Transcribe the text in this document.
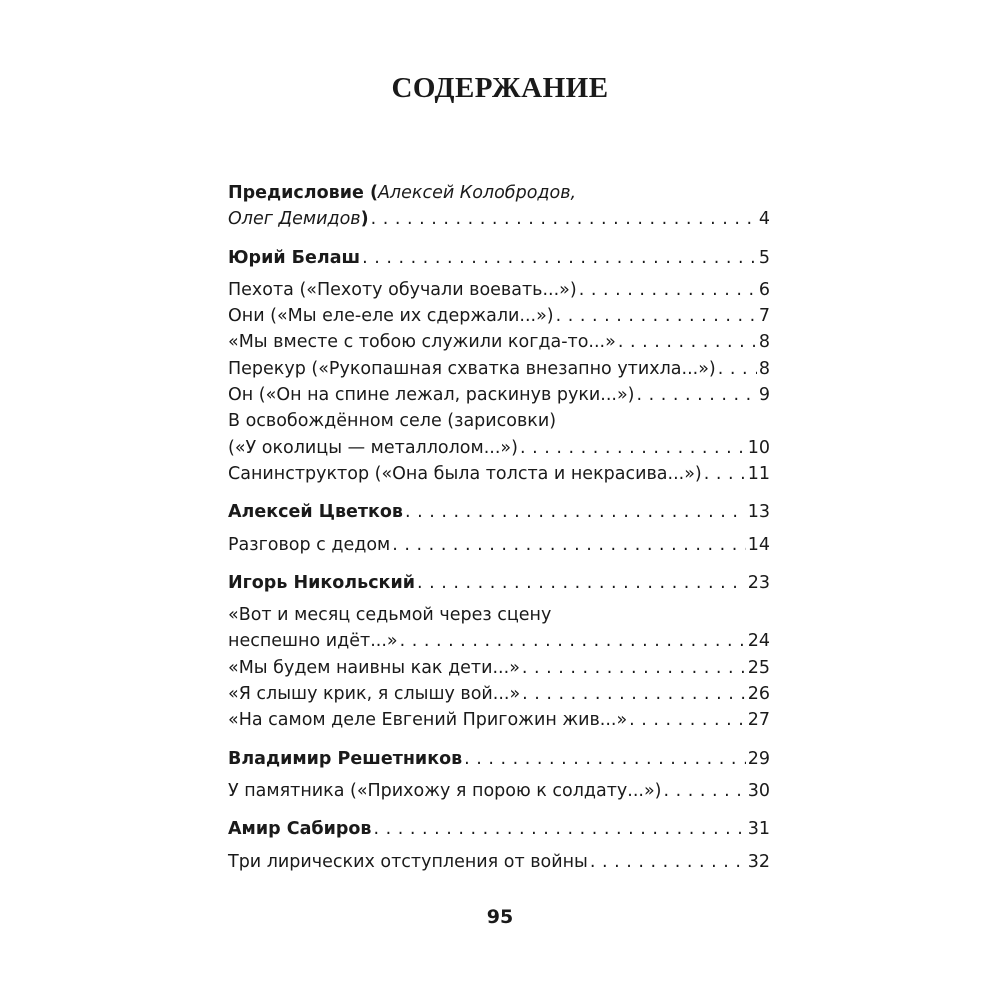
СОДЕРЖАНИЕ
Предисловие (Алексей Колобродов,
Олег Демидов) . . .	4
Юрий Белаш . . .	5
Пехота («Пехоту обучали воевать...») . . .	6
Они («Мы еле-еле их сдержали...») . . .	7
«Мы вместе с тобою служили когда-то...» . . .	8
Перекур («Рукопашная схватка внезапно утихла...») . . . 8
Он («Он на спине лежал, раскинув руки...») . . .	9
В освобождённом селе (зарисовки)
(«У околицы — металлолом...») . . .	10
Санинструктор («Она была толста и некрасива...») . . .	11
Алексей Цветков . . .	13
Разговор с дедом . . .	14
Игорь Никольский . . .	23
«Вот и месяц седьмой через сцену
неспешно идёт...» . . .	24
«Мы будем наивны как дети...» . . .	25
«Я слышу крик, я слышу вой...» . . .	26
«На самом деле Евгений Пригожин жив...» . . .	27
Владимир Решетников . . .	29
У памятника («Прихожу я порою к солдату...») . . .	30
Амир Сабиров . . .	31
Три лирических отступления от войны . . .	32
95
